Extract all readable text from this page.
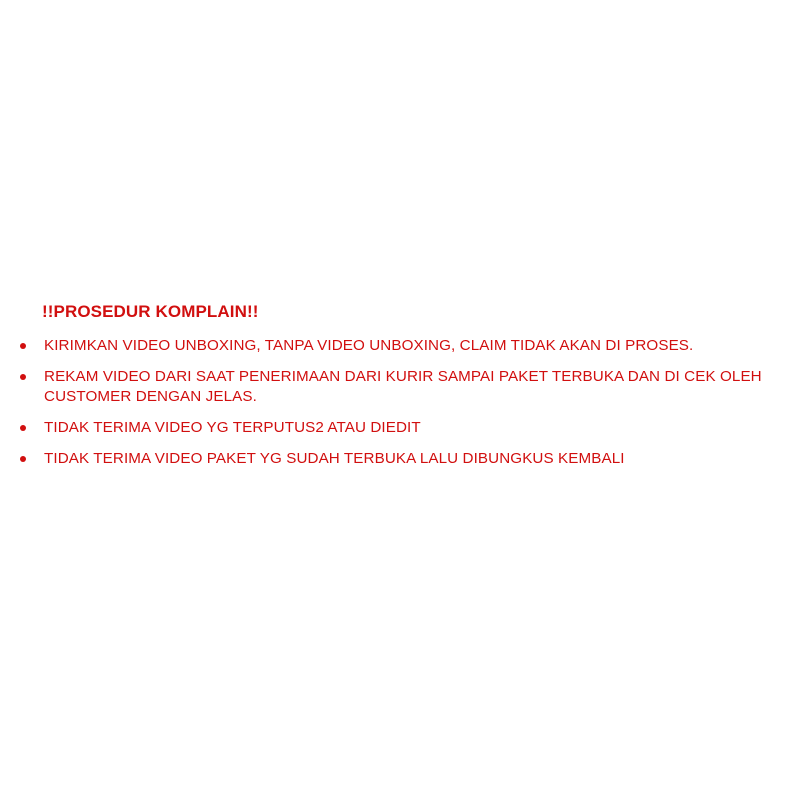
!!PROSEDUR KOMPLAIN!!
KIRIMKAN VIDEO UNBOXING, TANPA VIDEO UNBOXING, CLAIM TIDAK AKAN DI PROSES.
REKAM VIDEO DARI SAAT PENERIMAAN DARI KURIR SAMPAI PAKET TERBUKA DAN DI CEK OLEH CUSTOMER DENGAN JELAS.
TIDAK TERIMA VIDEO YG TERPUTUS2 ATAU DIEDIT
TIDAK TERIMA VIDEO PAKET YG SUDAH TERBUKA LALU DIBUNGKUS KEMBALI
